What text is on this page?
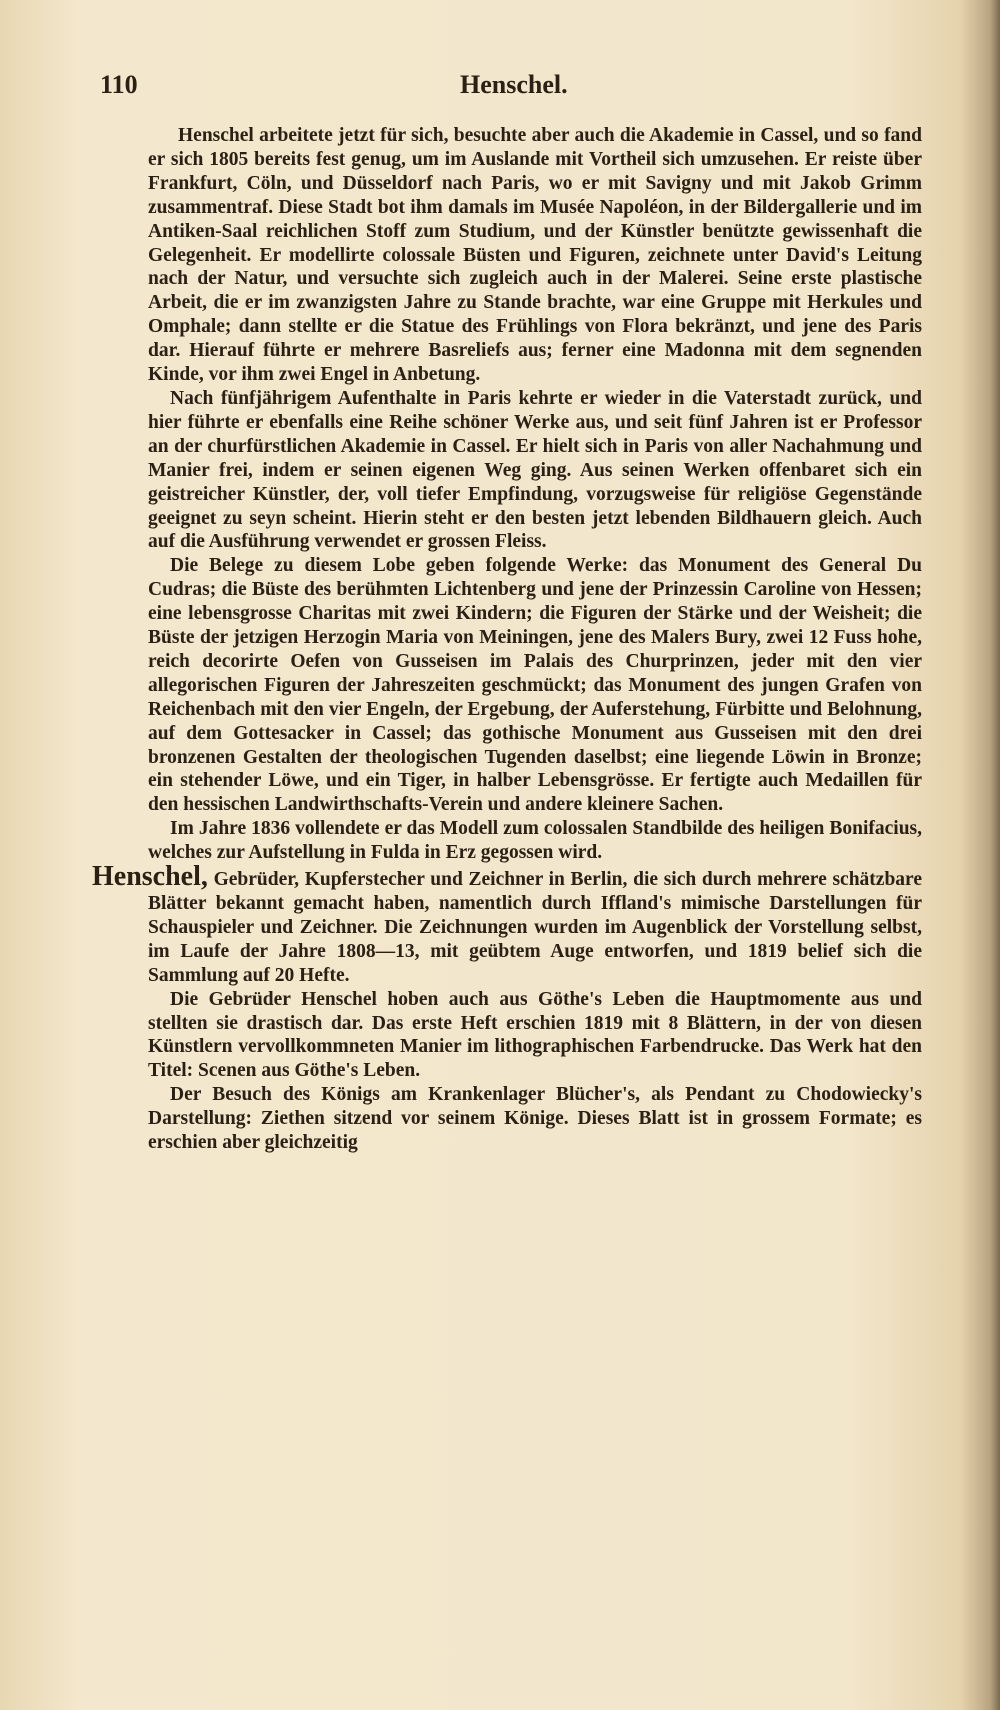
110	Henschel.

Henschel arbeitete jetzt für sich, besuchte aber auch die Akademie in Cassel, und so fand er sich 1805 bereits fest genug, um im Auslande mit Vortheil sich umzusehen. Er reiste über Frankfurt, Cöln, und Düsseldorf nach Paris, wo er mit Savigny und mit Jakob Grimm zusammentraf. Diese Stadt bot ihm damals im Musée Napoléon, in der Bildergallerie und im Antiken-Saal reichlichen Stoff zum Studium, und der Künstler benützte gewissenhaft die Gelegenheit. Er modellirte colossale Büsten und Figuren, zeichnete unter David's Leitung nach der Natur, und versuchte sich zugleich auch in der Malerei. Seine erste plastische Arbeit, die er im zwanzigsten Jahre zu Stande brachte, war eine Gruppe mit Herkules und Omphale; dann stellte er die Statue des Frühlings von Flora bekränzt, und jene des Paris dar. Hierauf führte er mehrere Basreliefs aus; ferner eine Madonna mit dem segnenden Kinde, vor ihm zwei Engel in Anbetung.

Nach fünfjährigem Aufenthalte in Paris kehrte er wieder in die Vaterstadt zurück, und hier führte er ebenfalls eine Reihe schöner Werke aus, und seit fünf Jahren ist er Professor an der churfürstlichen Akademie in Cassel. Er hielt sich in Paris von aller Nachahmung und Manier frei, indem er seinen eigenen Weg ging. Aus seinen Werken offenbaret sich ein geistreicher Künstler, der, voll tiefer Empfindung, vorzugsweise für religiöse Gegenstände geeignet zu seyn scheint. Hierin steht er den besten jetzt lebenden Bildhauern gleich. Auch auf die Ausführung verwendet er grossen Fleiss.

Die Belege zu diesem Lobe geben folgende Werke: das Monument des General Du Cudras; die Büste des berühmten Lichtenberg und jene der Prinzessin Caroline von Hessen; eine lebensgrosse Charitas mit zwei Kindern; die Figuren der Stärke und der Weisheit; die Büste der jetzigen Herzogin Maria von Meiningen, jene des Malers Bury, zwei 12 Fuss hohe, reich decorirte Oefen von Gusseisen im Palais des Churprinzen, jeder mit den vier allegorischen Figuren der Jahreszeiten geschmückt; das Monument des jungen Grafen von Reichenbach mit den vier Engeln, der Ergebung, der Auferstehung, Fürbitte und Belohnung, auf dem Gottesacker in Cassel; das gothische Monument aus Gusseisen mit den drei bronzenen Gestalten der theologischen Tugenden daselbst; eine liegende Löwin in Bronze; ein stehender Löwe, und ein Tiger, in halber Lebensgrösse. Er fertigte auch Medaillen für den hessischen Landwirthschafts-Verein und andere kleinere Sachen.

Im Jahre 1836 vollendete er das Modell zum colossalen Standbilde des heiligen Bonifacius, welches zur Aufstellung in Fulda in Erz gegossen wird.

Henschel, Gebrüder, Kupferstecher und Zeichner in Berlin, die sich durch mehrere schätzbare Blätter bekannt gemacht haben, namentlich durch Iffland's mimische Darstellungen für Schauspieler und Zeichner. Die Zeichnungen wurden im Augenblick der Vorstellung selbst, im Laufe der Jahre 1808—13, mit geübtem Auge entworfen, und 1819 belief sich die Sammlung auf 20 Hefte.

Die Gebrüder Henschel hoben auch aus Göthe's Leben die Hauptmomente aus und stellten sie drastisch dar. Das erste Heft erschien 1819 mit 8 Blättern, in der von diesen Künstlern vervollkommneten Manier im lithographischen Farbendrucke. Das Werk hat den Titel: Scenen aus Göthe's Leben.

Der Besuch des Königs am Krankenlager Blücher's, als Pendant zu Chodowiecky's Darstellung: Ziethen sitzend vor seinem Könige. Dieses Blatt ist in grossem Formate; es erschien aber gleichzeitig
